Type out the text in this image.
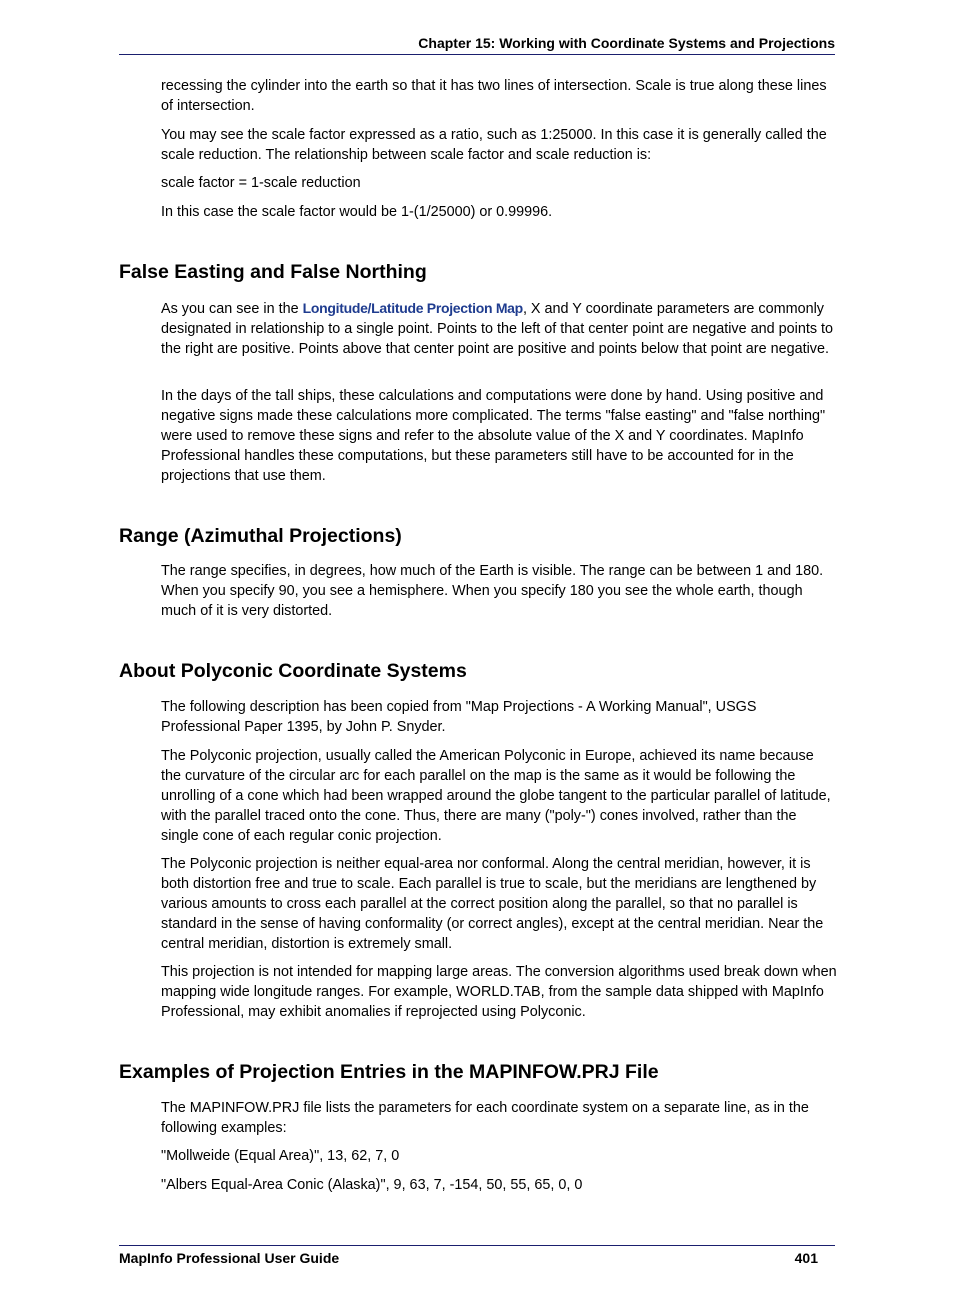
Chapter 15: Working with Coordinate Systems and Projections

recessing the cylinder into the earth so that it has two lines of intersection. Scale is true along these lines of intersection.

You may see the scale factor expressed as a ratio, such as 1:25000. In this case it is generally called the scale reduction. The relationship between scale factor and scale reduction is:

scale factor = 1-scale reduction

In this case the scale factor would be 1-(1/25000) or 0.99996.

False Easting and False Northing

As you can see in the Longitude/Latitude Projection Map, X and Y coordinate parameters are commonly designated in relationship to a single point. Points to the left of that center point are negative and points to the right are positive. Points above that center point are positive and points below that point are negative.

In the days of the tall ships, these calculations and computations were done by hand. Using positive and negative signs made these calculations more complicated. The terms "false easting" and "false northing" were used to remove these signs and refer to the absolute value of the X and Y coordinates. MapInfo Professional handles these computations, but these parameters still have to be accounted for in the projections that use them.

Range (Azimuthal Projections)

The range specifies, in degrees, how much of the Earth is visible. The range can be between 1 and 180. When you specify 90, you see a hemisphere. When you specify 180 you see the whole earth, though much of it is very distorted.

About Polyconic Coordinate Systems

The following description has been copied from "Map Projections - A Working Manual", USGS Professional Paper 1395, by John P. Snyder.

The Polyconic projection, usually called the American Polyconic in Europe, achieved its name because the curvature of the circular arc for each parallel on the map is the same as it would be following the unrolling of a cone which had been wrapped around the globe tangent to the particular parallel of latitude, with the parallel traced onto the cone. Thus, there are many ("poly-") cones involved, rather than the single cone of each regular conic projection.

The Polyconic projection is neither equal-area nor conformal. Along the central meridian, however, it is both distortion free and true to scale. Each parallel is true to scale, but the meridians are lengthened by various amounts to cross each parallel at the correct position along the parallel, so that no parallel is standard in the sense of having conformality (or correct angles), except at the central meridian. Near the central meridian, distortion is extremely small.

This projection is not intended for mapping large areas. The conversion algorithms used break down when mapping wide longitude ranges. For example, WORLD.TAB, from the sample data shipped with MapInfo Professional, may exhibit anomalies if reprojected using Polyconic.

Examples of Projection Entries in the MAPINFOW.PRJ File

The MAPINFOW.PRJ file lists the parameters for each coordinate system on a separate line, as in the following examples:

"Mollweide (Equal Area)", 13, 62, 7, 0

"Albers Equal-Area Conic (Alaska)", 9, 63, 7, -154, 50, 55, 65, 0, 0

MapInfo Professional User Guide	401
